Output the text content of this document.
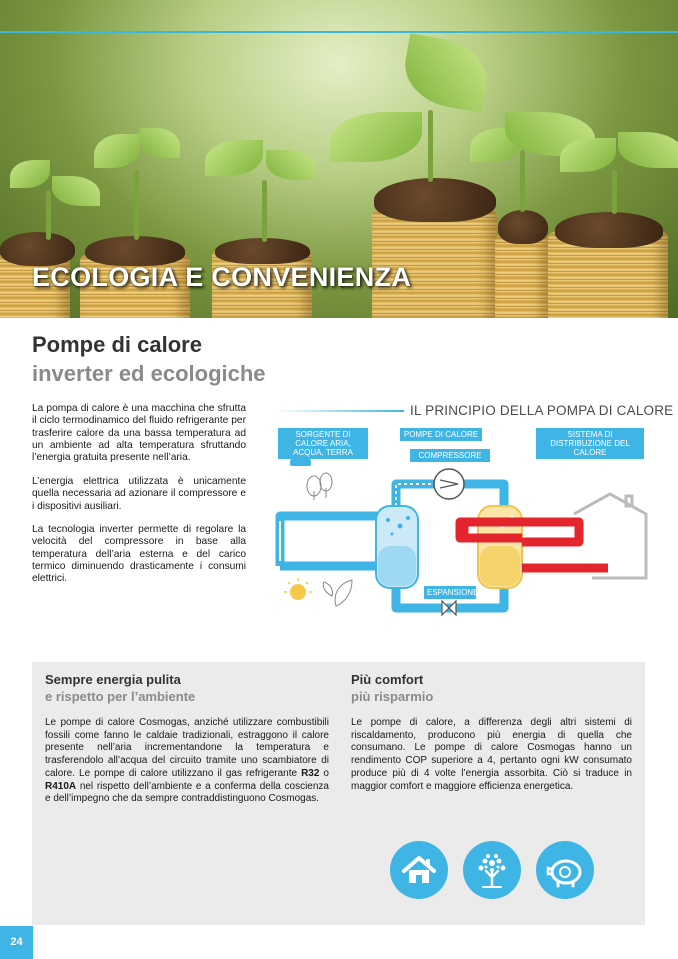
ECOLOGIA E CONVENIENZA
Pompe di calore
inverter ed ecologiche

La pompa di calore è una macchina che sfrutta il ciclo termodinamico del fluido refrigerante per trasferire calore da una bassa temperatura ad un ambiente ad alta temperatura sfruttando l’energia gratuita presente nell’aria.

L’energia elettrica utilizzata è unicamente quella necessaria ad azionare il compressore e i dispositivi ausiliari.

La tecnologia inverter permette di regolare la velocità del compressore in base alla temperatura dell’aria esterna e del carico termico diminuendo drasticamente i consumi elettrici.

IL PRINCIPIO DELLA POMPA DI CALORE
SORGENTE DI CALORE ARIA, ACQUA, TERRA
POMPE DI CALORE	SISTEMA DI DISTRIBUZIONE DEL CALORE
COMPRESSORE
ESPANSIONE
Sempre energia pulita
e rispetto per l’ambiente

Le pompe di calore Cosmogas, anziché utilizzare combustibili fossili come fanno le caldaie tradizionali, estraggono il calore presente nell’aria incrementandone la temperatura e trasferendolo all’acqua del circuito tramite uno scambiatore di calore. Le pompe di calore utilizzano il gas refrigerante R32 o R410A nel rispetto dell’ambiente e a conferma della coscienza e dell’impegno che da sempre contraddistinguono Cosmogas.

Più comfort
più risparmio

Le pompe di calore, a differenza degli altri sistemi di riscaldamento, producono più energia di quella che consumano. Le pompe di calore Cosmogas hanno un rendimento COP superiore a 4, pertanto ogni kW consumato produce più di 4 volte l’energia assorbita. Ciò si traduce in maggior comfort e maggiore efficienza energetica.

24
